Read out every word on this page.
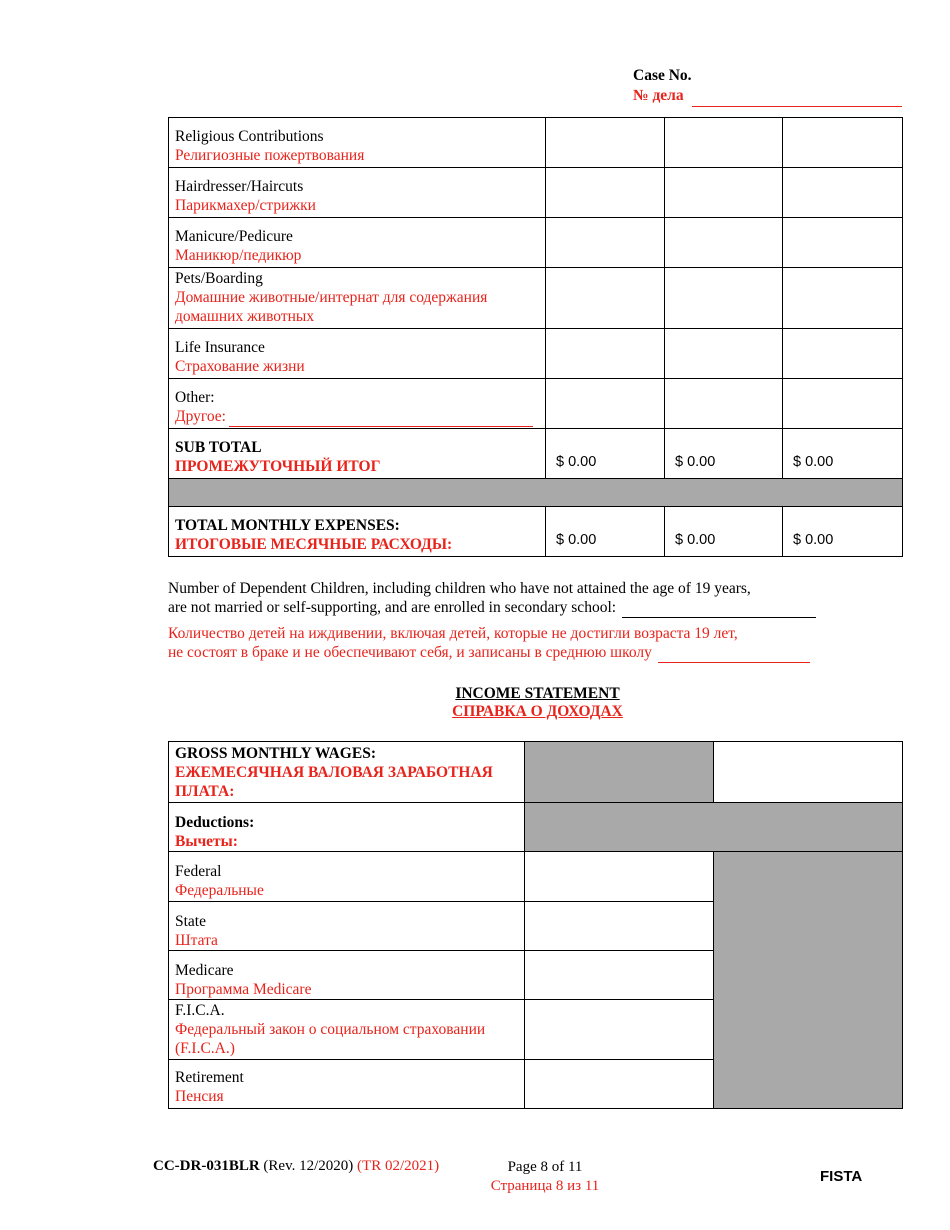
Case No.
№ дела
Religious Contributions
Религиозные пожертвования			

Hairdresser/Haircuts
Парикмахер/стрижки			

Manicure/Pedicure
Маникюр/педикюр			

Pets/Boarding
Домашние животные/интернат для содержания домашних животных			

Life Insurance
Страхование жизни			

Other:
Другое:			

SUB TOTAL
ПРОМЕЖУТОЧНЫЙ ИТОГ	$ 0.00	$ 0.00	$ 0.00

TOTAL MONTHLY EXPENSES:
ИТОГОВЫЕ МЕСЯЧНЫЕ РАСХОДЫ:	$ 0.00	$ 0.00	$ 0.00
Number of Dependent Children, including children who have not attained the age of 19 years,
are not married or self-supporting, and are enrolled in secondary school:
Количество детей на иждивении, включая детей, которые не достигли возраста 19 лет,
не состоят в браке и не обеспечивают себя, и записаны в среднюю школу
INCOME STATEMENT
СПРАВКА О ДОХОДАХ
GROSS MONTHLY WAGES:
ЕЖЕМЕСЯЧНАЯ ВАЛОВАЯ ЗАРАБОТНАЯ ПЛАТА:		

Deductions:
Вычеты:		

Federal
Федеральные		

State
Штата		

Medicare
Программа Medicare		

F.I.C.A.
Федеральный закон о социальном страховании (F.I.C.A.)		

Retirement
Пенсия		

CC-DR-031BLR (Rev. 12/2020) (TR 02/2021)	Page 8 of 11
Страница 8 из 11
FISTA
